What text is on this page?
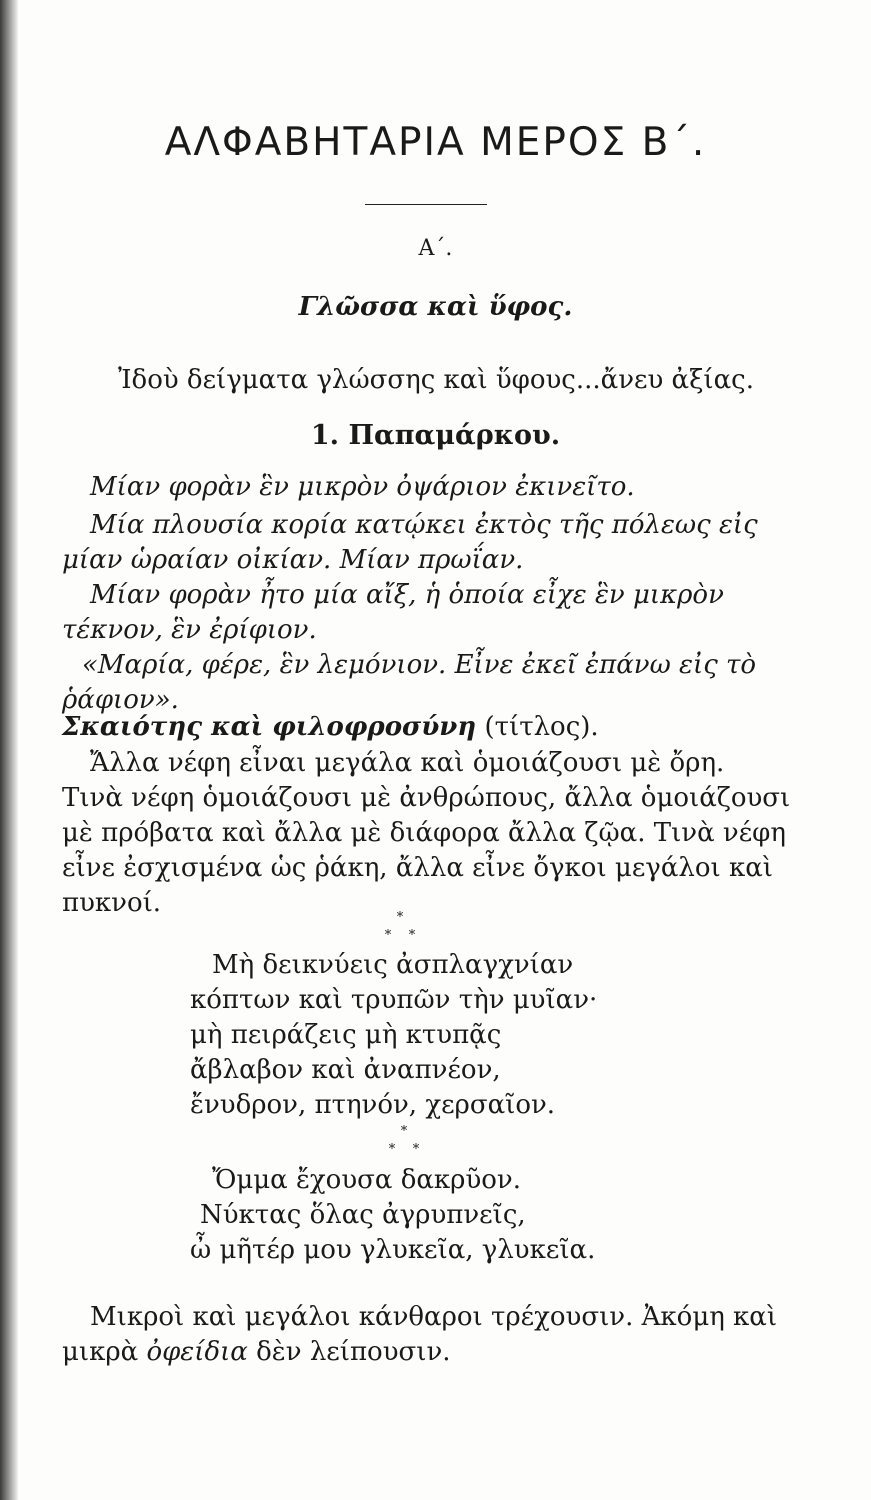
ΑΛΦΑΒΗΤΑΡΙΑ ΜΕΡΟΣ Β΄.
Α΄.
Γλῶσσα καὶ ὕφος.
Ἰδοὺ δείγματα γλώσσης καὶ ὕφους...ἄνευ ἀξίας.
1. Παπαμάρκου.
Μίαν φορὰν ἓν μικρὸν ὀψάριον ἐκινεῖτο.
Μία πλουσία κορία κατῴκει ἐκτὸς τῆς πόλεως εἰς
μίαν ὡραίαν οἰκίαν. Μίαν πρωΐαν.
Μίαν φορὰν ἦτο μία αἴξ, ἡ ὁποία εἶχε ἓν μικρὸν
τέκνον, ἓν ἐρίφιον.
«Μαρία, φέρε, ἓν λεμόνιον. Εἶνε ἐκεῖ ἐπάνω εἰς τὸ
ῥάφιον».
Σκαιότης καὶ φιλοφροσύνη (τίτλος).
Ἄλλα νέφη εἶναι μεγάλα καὶ ὁμοιάζουσι μὲ ὄρη.
Τινὰ νέφη ὁμοιάζουσι μὲ ἀνθρώπους, ἄλλα ὁμοιάζουσι
μὲ πρόβατα καὶ ἄλλα μὲ διάφορα ἄλλα ζῷα. Τινὰ νέφη
εἶνε ἐσχισμένα ὡς ῥάκη, ἄλλα εἶνε ὄγκοι μεγάλοι καὶ
πυκνοί.	*
*	*
Μὴ δεικνύεις ἀσπλαγχνίαν
κόπτων καὶ τρυπῶν τὴν μυῖαν·
μὴ πειράζεις μὴ κτυπᾷς
ἄβλαβον καὶ ἀναπνέον,
ἔνυδρον, πτηνόν, χερσαῖον.
*
*	*
Ὄμμα ἔχουσα δακρῦον.
Νύκτας ὅλας ἀγρυπνεῖς,
ὦ μῆτέρ μου γλυκεῖα, γλυκεῖα.
Μικροὶ καὶ μεγάλοι κάνθαροι τρέχουσιν. Ἀκόμη καὶ
μικρὰ ὀφείδια δὲν λείπουσιν.
